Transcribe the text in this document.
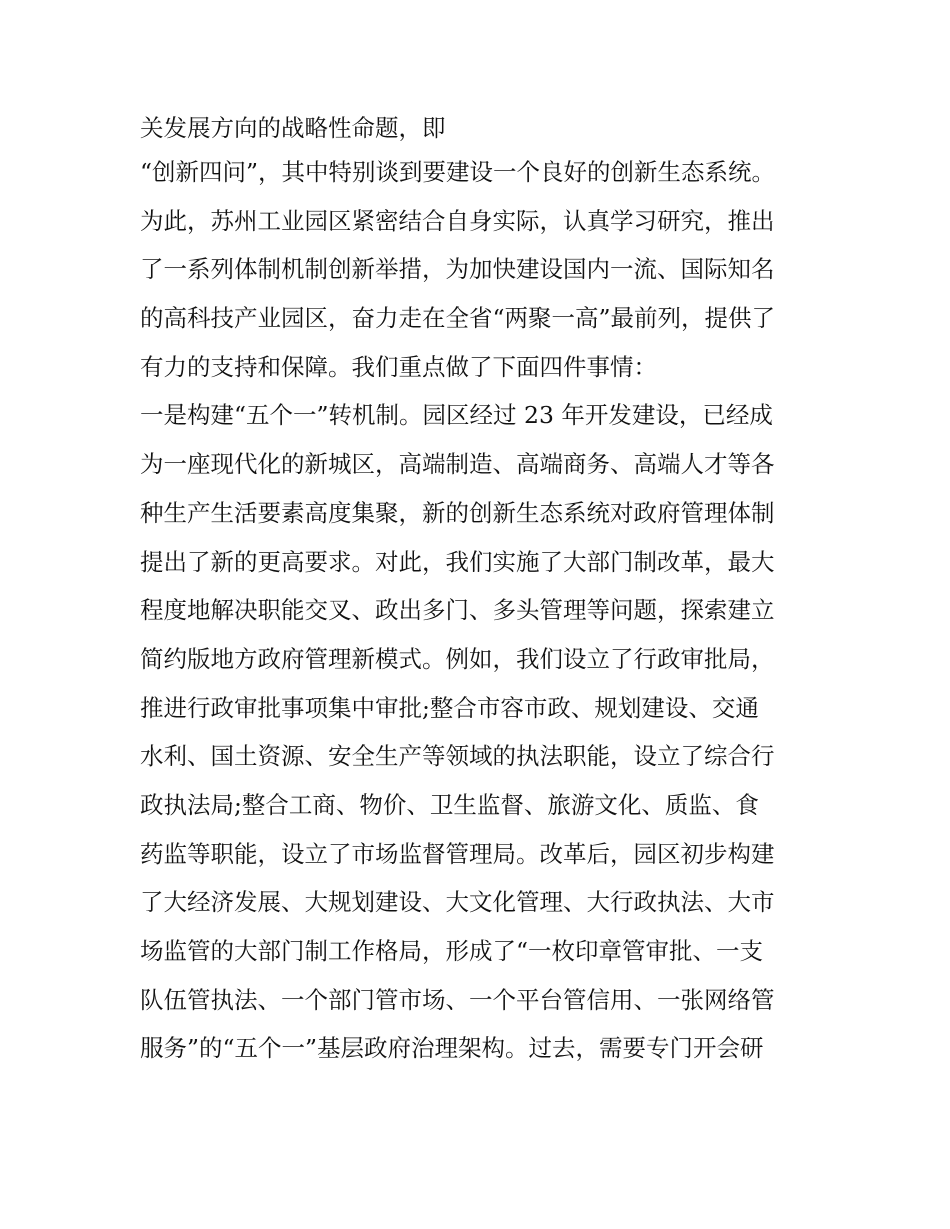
关发展方向的战略性命题，即
“创新四问”，其中特别谈到要建设一个良好的创新生态系统。
为此，苏州工业园区紧密结合自身实际，认真学习研究，推出
了一系列体制机制创新举措，为加快建设国内一流、国际知名
的高科技产业园区，奋力走在全省“两聚一高”最前列，提供了
有力的支持和保障。我们重点做了下面四件事情：
一是构建“五个一”转机制。园区经过 23 年开发建设，已经成
为一座现代化的新城区，高端制造、高端商务、高端人才等各
种生产生活要素高度集聚，新的创新生态系统对政府管理体制
提出了新的更高要求。对此，我们实施了大部门制改革，最大
程度地解决职能交叉、政出多门、多头管理等问题，探索建立
简约版地方政府管理新模式。例如，我们设立了行政审批局，
推进行政审批事项集中审批;整合市容市政、规划建设、交通
水利、国土资源、安全生产等领域的执法职能，设立了综合行
政执法局;整合工商、物价、卫生监督、旅游文化、质监、食
药监等职能，设立了市场监督管理局。改革后，园区初步构建
了大经济发展、大规划建设、大文化管理、大行政执法、大市
场监管的大部门制工作格局，形成了“一枚印章管审批、一支
队伍管执法、一个部门管市场、一个平台管信用、一张网络管
服务”的“五个一”基层政府治理架构。过去，需要专门开会研
